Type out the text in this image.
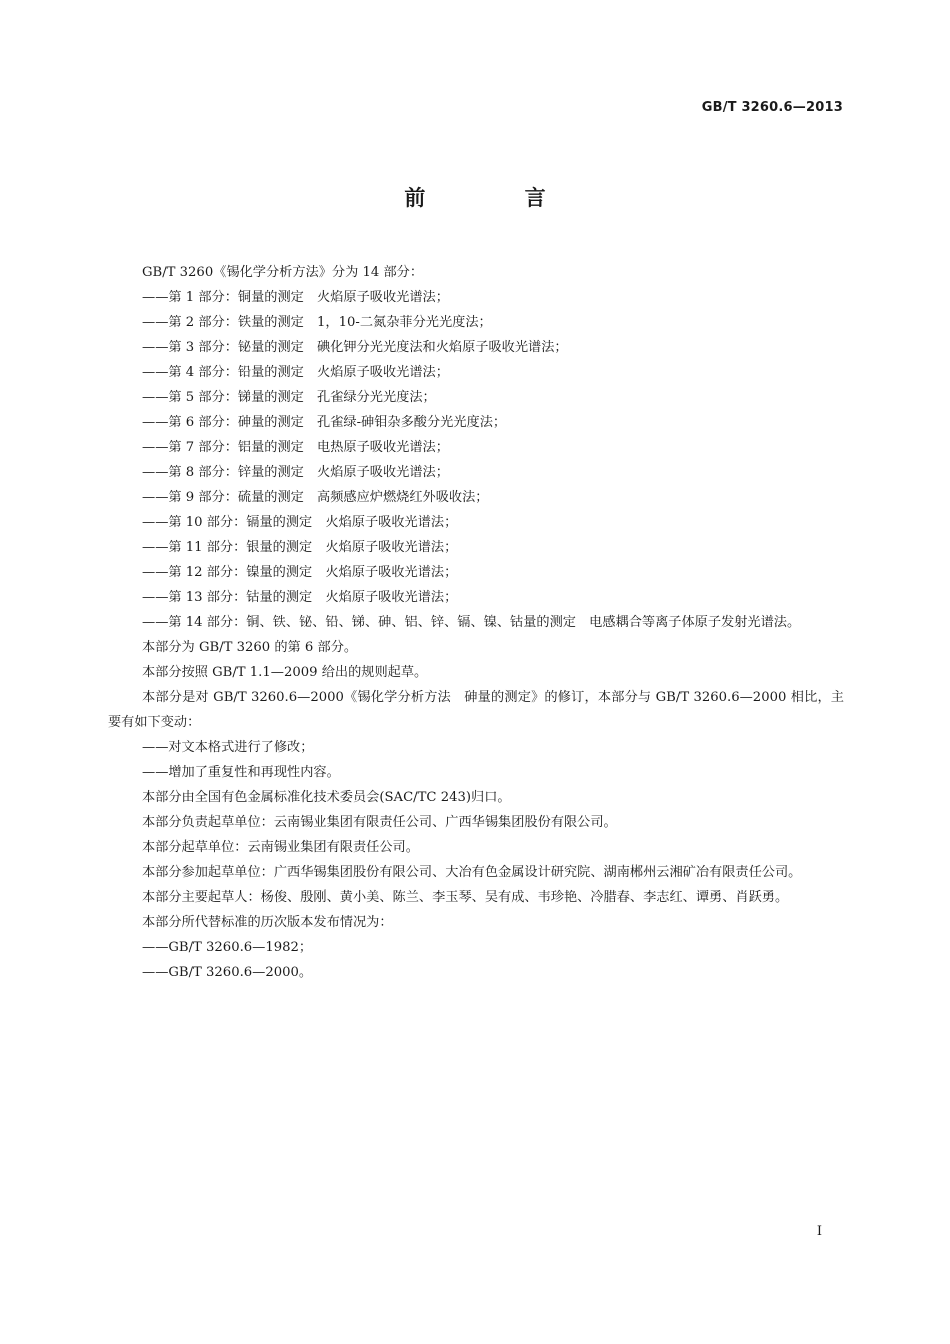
GB/T 3260.6—2013
前 言

GB/T 3260《锡化学分析方法》分为 14 部分：

——第 1 部分：铜量的测定　火焰原子吸收光谱法；

——第 2 部分：铁量的测定　1，10-二氮杂菲分光光度法；

——第 3 部分：铋量的测定　碘化钾分光光度法和火焰原子吸收光谱法；

——第 4 部分：铅量的测定　火焰原子吸收光谱法；

——第 5 部分：锑量的测定　孔雀绿分光光度法；

——第 6 部分：砷量的测定　孔雀绿-砷钼杂多酸分光光度法；

——第 7 部分：铝量的测定　电热原子吸收光谱法；

——第 8 部分：锌量的测定　火焰原子吸收光谱法；

——第 9 部分：硫量的测定　高频感应炉燃烧红外吸收法；

——第 10 部分：镉量的测定　火焰原子吸收光谱法；

——第 11 部分：银量的测定　火焰原子吸收光谱法；

——第 12 部分：镍量的测定　火焰原子吸收光谱法；

——第 13 部分：钴量的测定　火焰原子吸收光谱法；

——第 14 部分：铜、铁、铋、铅、锑、砷、铝、锌、镉、镍、钴量的测定　电感耦合等离子体原子发射光谱法。

本部分为 GB/T 3260 的第 6 部分。

本部分按照 GB/T 1.1—2009 给出的规则起草。

本部分是对 GB/T 3260.6—2000《锡化学分析方法　砷量的测定》的修订，本部分与 GB/T 3260.6—2000 相比，主要有如下变动：

——对文本格式进行了修改；

——增加了重复性和再现性内容。

本部分由全国有色金属标准化技术委员会(SAC/TC 243)归口。

本部分负责起草单位：云南锡业集团有限责任公司、广西华锡集团股份有限公司。

本部分起草单位：云南锡业集团有限责任公司。

本部分参加起草单位：广西华锡集团股份有限公司、大冶有色金属设计研究院、湖南郴州云湘矿冶有限责任公司。

本部分主要起草人：杨俊、殷刚、黄小美、陈兰、李玉琴、吴有成、韦珍艳、冷腊春、李志红、谭勇、肖跃勇。

本部分所代替标准的历次版本发布情况为：

——GB/T 3260.6—1982；

——GB/T 3260.6—2000。

I
